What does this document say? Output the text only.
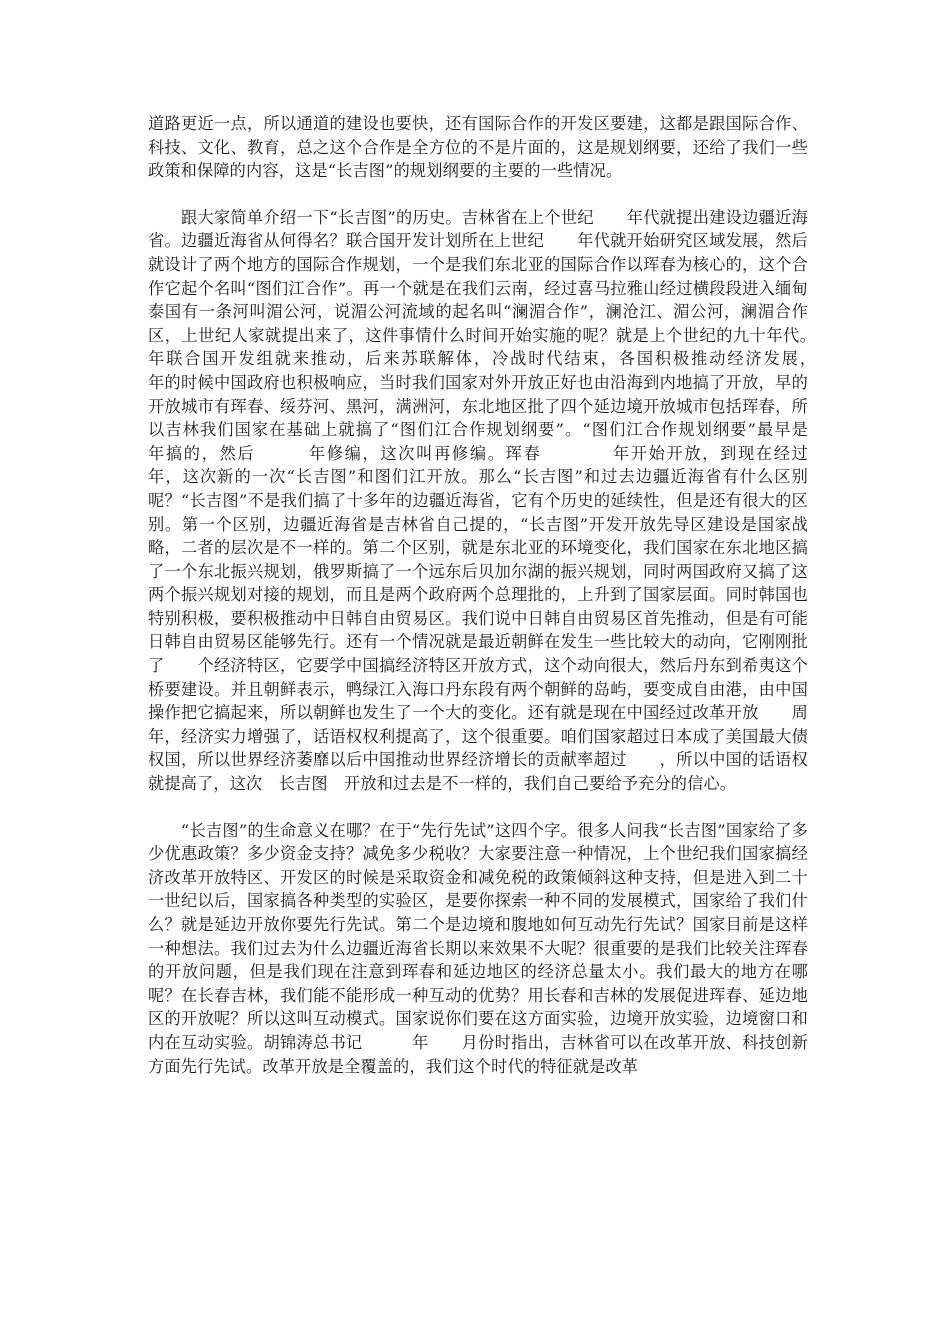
道路更近一点，所以通道的建设也要快，还有国际合作的开发区要建，这都是跟国际合作、科技、文化、教育，总之这个合作是全方位的不是片面的，这是规划纲要，还给了我们一些政策和保障的内容，这是“长吉图”的规划纲要的主要的一些情况。

　　跟大家简单介绍一下“长吉图”的历史。吉林省在上个世纪　　年代就提出建设边疆近海省。边疆近海省从何得名？联合国开发计划所在上世纪　　年代就开始研究区域发展，然后就设计了两个地方的国际合作规划，一个是我们东北亚的国际合作以珲春为核心的，这个合作它起个名叫“图们江合作”。再一个就是在我们云南，经过喜马拉雅山经过横段段进入缅甸泰国有一条河叫湄公河，说湄公河流域的起名叫“澜湄合作”，澜沧江、湄公河，澜湄合作区，上世纪人家就提出来了，这件事情什么时间开始实施的呢？就是上个世纪的九十年代。　　　年联合国开发组就来推动，后来苏联解体，冷战时代结束，各国积极推动经济发展，　　　年的时候中国政府也积极响应，当时我们国家对外开放正好也由沿海到内地搞了开放，早的开放城市有珲春、绥芬河、黑河，满洲河，东北地区批了四个延边境开放城市包括珲春，所以吉林我们国家在基础上就搞了“图们江合作规划纲要”。“图们江合作规划纲要”最早是　　　年搞的，然后　　　年修编，这次叫再修编。珲春　　　　年开始开放，到现在经过　　年，这次新的一次“长吉图”和图们江开放。那么“长吉图”和过去边疆近海省有什么区别呢？“长吉图”不是我们搞了十多年的边疆近海省，它有个历史的延续性，但是还有很大的区别。第一个区别，边疆近海省是吉林省自己提的，“长吉图”开发开放先导区建设是国家战略，二者的层次是不一样的。第二个区别，就是东北亚的环境变化，我们国家在东北地区搞了一个东北振兴规划，俄罗斯搞了一个远东后贝加尔湖的振兴规划，同时两国政府又搞了这两个振兴规划对接的规划，而且是两个政府两个总理批的，上升到了国家层面。同时韩国也特别积极，要积极推动中日韩自由贸易区。我们说中日韩自由贸易区首先推动，但是有可能日韩自由贸易区能够先行。还有一个情况就是最近朝鲜在发生一些比较大的动向，它刚刚批了　　个经济特区，它要学中国搞经济特区开放方式，这个动向很大，然后丹东到希夷这个桥要建设。并且朝鲜表示，鸭绿江入海口丹东段有两个朝鲜的岛屿，要变成自由港，由中国操作把它搞起来，所以朝鲜也发生了一个大的变化。还有就是现在中国经过改革开放　　周年，经济实力增强了，话语权权利提高了，这个很重要。咱们国家超过日本成了美国最大债权国，所以世界经济萎靡以后中国推动世界经济增长的贡献率超过　　，所以中国的话语权就提高了，这次　长吉图　开放和过去是不一样的，我们自己要给予充分的信心。

　　“长吉图”的生命意义在哪？在于“先行先试”这四个字。很多人问我“长吉图”国家给了多少优惠政策？多少资金支持？减免多少税收？大家要注意一种情况，上个世纪我们国家搞经济改革开放特区、开发区的时候是采取资金和减免税的政策倾斜这种支持，但是进入到二十一世纪以后，国家搞各种类型的实验区，是要你探索一种不同的发展模式，国家给了我们什么？就是延边开放你要先行先试。第二个是边境和腹地如何互动先行先试？国家目前是这样一种想法。我们过去为什么边疆近海省长期以来效果不大呢？很重要的是我们比较关注珲春的开放问题，但是我们现在注意到珲春和延边地区的经济总量太小。我们最大的地方在哪呢？在长春吉林，我们能不能形成一种互动的优势？用长春和吉林的发展促进珲春、延边地区的开放呢？所以这叫互动模式。国家说你们要在这方面实验，边境开放实验，边境窗口和内在互动实验。胡锦涛总书记　　　年　　月份时指出，吉林省可以在改革开放、科技创新方面先行先试。改革开放是全覆盖的，我们这个时代的特征就是改革
